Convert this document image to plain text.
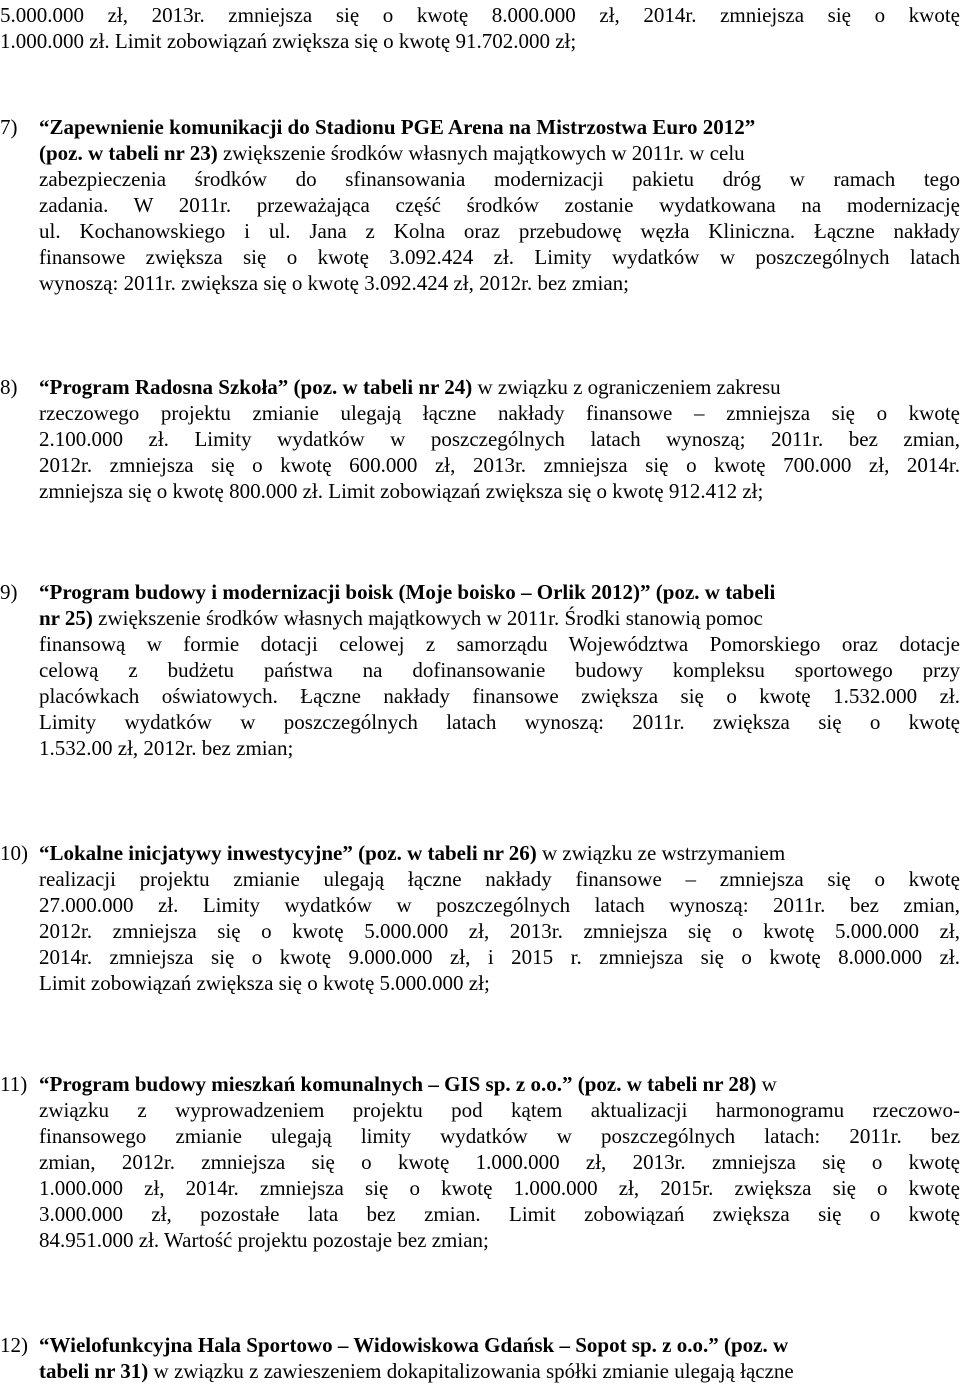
5.000.000 zł, 2013r. zmniejsza się o kwotę 8.000.000 zł, 2014r. zmniejsza się o kwotę
1.000.000 zł. Limit zobowiązań zwiększa się o kwotę 91.702.000 zł;
7) “Zapewnienie komunikacji do Stadionu PGE Arena na Mistrzostwa Euro 2012”
(poz. w tabeli nr 23) zwiększenie środków własnych majątkowych w 2011r. w celu
zabezpieczenia środków do sfinansowania modernizacji pakietu dróg w ramach tego
zadania. W 2011r. przeważająca część środków zostanie wydatkowana na modernizację
ul. Kochanowskiego i ul. Jana z Kolna oraz przebudowę węzła Kliniczna. Łączne nakłady
finansowe zwiększa się o kwotę 3.092.424 zł. Limity wydatków w poszczególnych latach
wynoszą: 2011r. zwiększa się o kwotę 3.092.424 zł, 2012r. bez zmian;
8) “Program Radosna Szkoła” (poz. w tabeli nr 24) w związku z ograniczeniem zakresu
rzeczowego projektu zmianie ulegają łączne nakłady finansowe – zmniejsza się o kwotę
2.100.000 zł. Limity wydatków w poszczególnych latach wynoszą; 2011r. bez zmian,
2012r. zmniejsza się o kwotę 600.000 zł, 2013r. zmniejsza się o kwotę 700.000 zł, 2014r.
zmniejsza się o kwotę 800.000 zł. Limit zobowiązań zwiększa się o kwotę 912.412 zł;
9) “Program budowy i modernizacji boisk (Moje boisko – Orlik 2012)” (poz. w tabeli
nr 25) zwiększenie środków własnych majątkowych w 2011r. Środki stanowią pomoc
finansową w formie dotacji celowej z samorządu Województwa Pomorskiego oraz dotacje
celową z budżetu państwa na dofinansowanie budowy kompleksu sportowego przy
placówkach oświatowych. Łączne nakłady finansowe zwiększa się o kwotę 1.532.000 zł.
Limity wydatków w poszczególnych latach wynoszą: 2011r. zwiększa się o kwotę
1.532.00 zł, 2012r. bez zmian;
10) “Lokalne inicjatywy inwestycyjne” (poz. w tabeli nr 26) w związku ze wstrzymaniem
realizacji projektu zmianie ulegają łączne nakłady finansowe – zmniejsza się o kwotę
27.000.000 zł. Limity wydatków w poszczególnych latach wynoszą: 2011r. bez zmian,
2012r. zmniejsza się o kwotę 5.000.000 zł, 2013r. zmniejsza się o kwotę 5.000.000 zł,
2014r. zmniejsza się o kwotę 9.000.000 zł, i 2015 r. zmniejsza się o kwotę 8.000.000 zł.
Limit zobowiązań zwiększa się o kwotę 5.000.000 zł;
11) “Program budowy mieszkań komunalnych – GIS sp. z o.o.” (poz. w tabeli nr 28) w
związku z wyprowadzeniem projektu pod kątem aktualizacji harmonogramu rzeczowo-
finansowego zmianie ulegają limity wydatków w poszczególnych latach: 2011r. bez
zmian, 2012r. zmniejsza się o kwotę 1.000.000 zł, 2013r. zmniejsza się o kwotę
1.000.000 zł, 2014r. zmniejsza się o kwotę 1.000.000 zł, 2015r. zwiększa się o kwotę
3.000.000 zł, pozostałe lata bez zmian. Limit zobowiązań zwiększa się o kwotę
84.951.000 zł. Wartość projektu pozostaje bez zmian;
12) “Wielofunkcyjna Hala Sportowo – Widowiskowa Gdańsk – Sopot sp. z o.o.” (poz. w
tabeli nr 31) w związku z zawieszeniem dokapitalizowania spółki zmianie ulegają łączne
